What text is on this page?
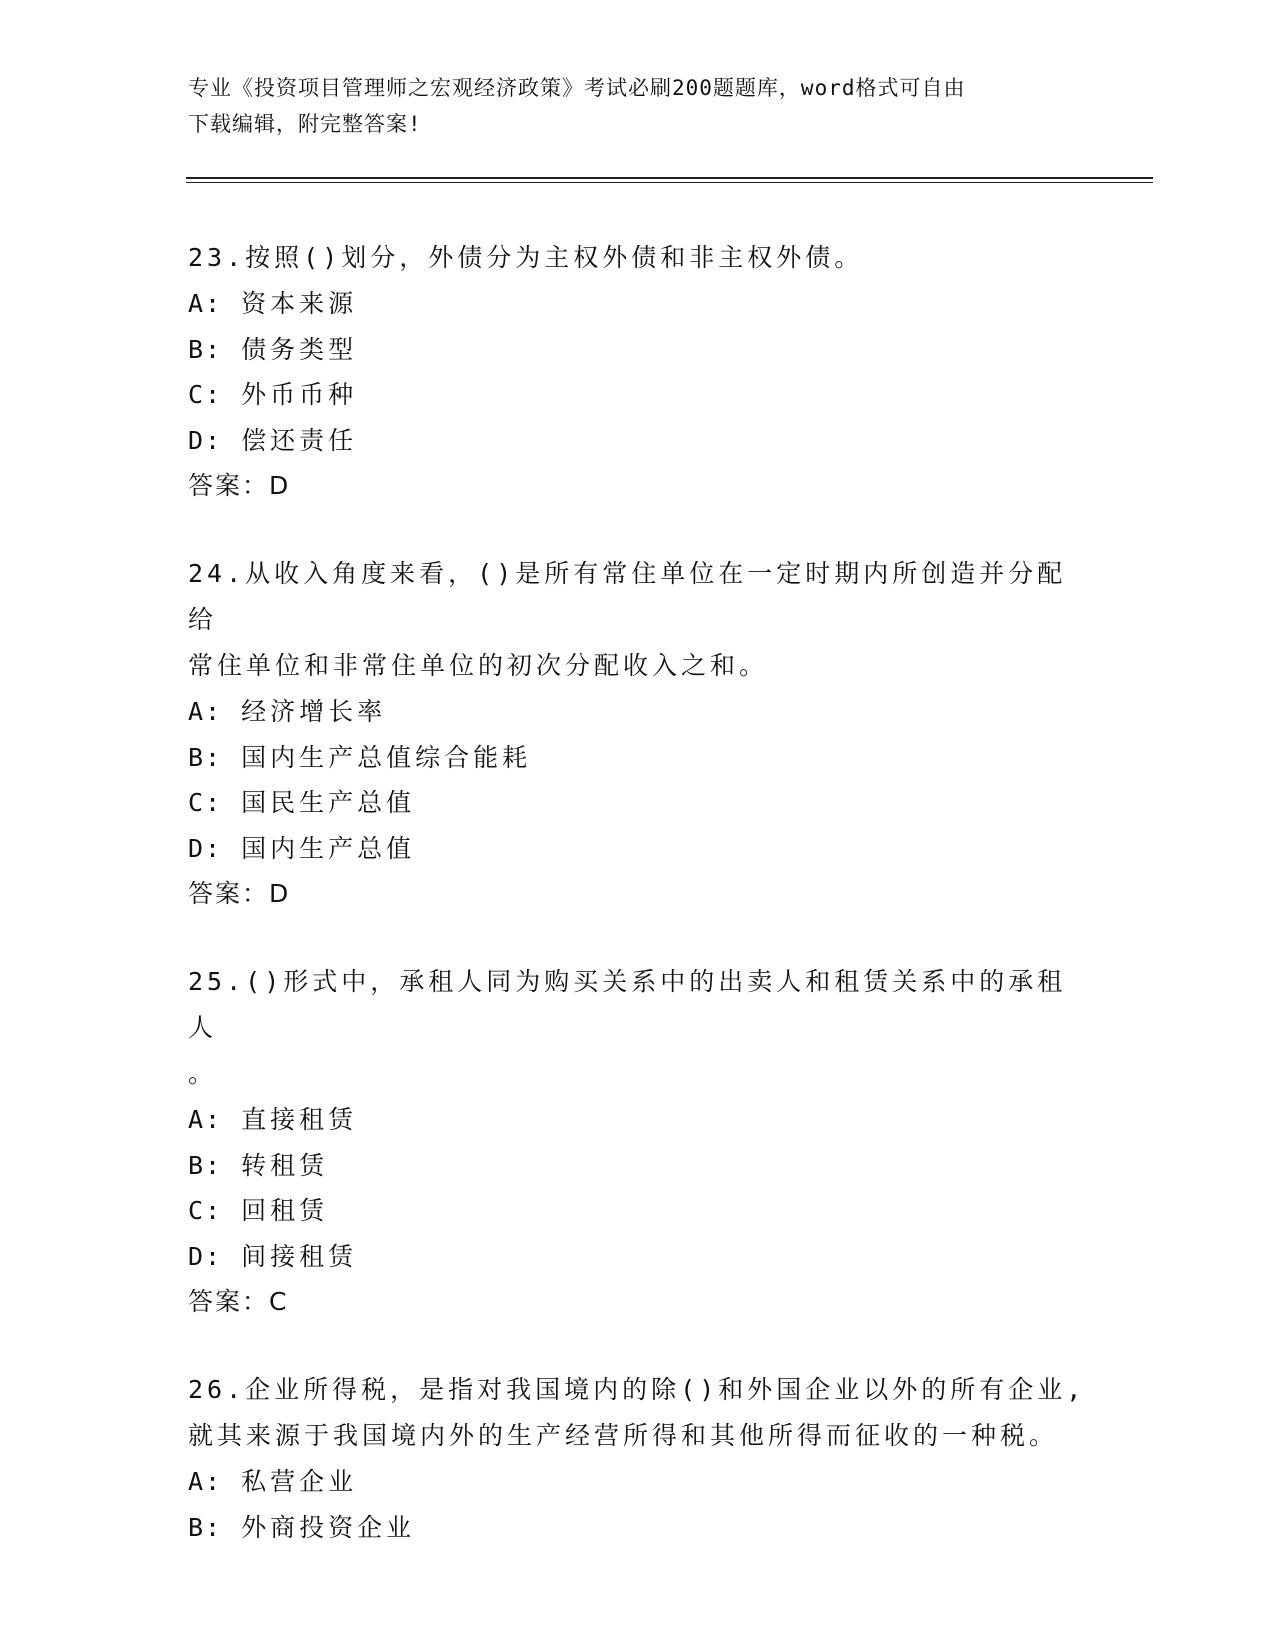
专业《投资项目管理师之宏观经济政策》考试必刷200题题库，word格式可自由
下载编辑，附完整答案!

23.按照()划分，外债分为主权外债和非主权外债。

A: 资本来源

B: 债务类型

C: 外币币种

D: 偿还责任

答案：D

24.从收入角度来看，()是所有常住单位在一定时期内所创造并分配给

常住单位和非常住单位的初次分配收入之和。

A: 经济增长率

B: 国内生产总值综合能耗

C: 国民生产总值

D: 国内生产总值

答案：D

25.()形式中，承租人同为购买关系中的出卖人和租赁关系中的承租人

。

A: 直接租赁

B: 转租赁

C: 回租赁

D: 间接租赁

答案：C

26.企业所得税，是指对我国境内的除()和外国企业以外的所有企业,

就其来源于我国境内外的生产经营所得和其他所得而征收的一种税。

A: 私营企业

B: 外商投资企业
